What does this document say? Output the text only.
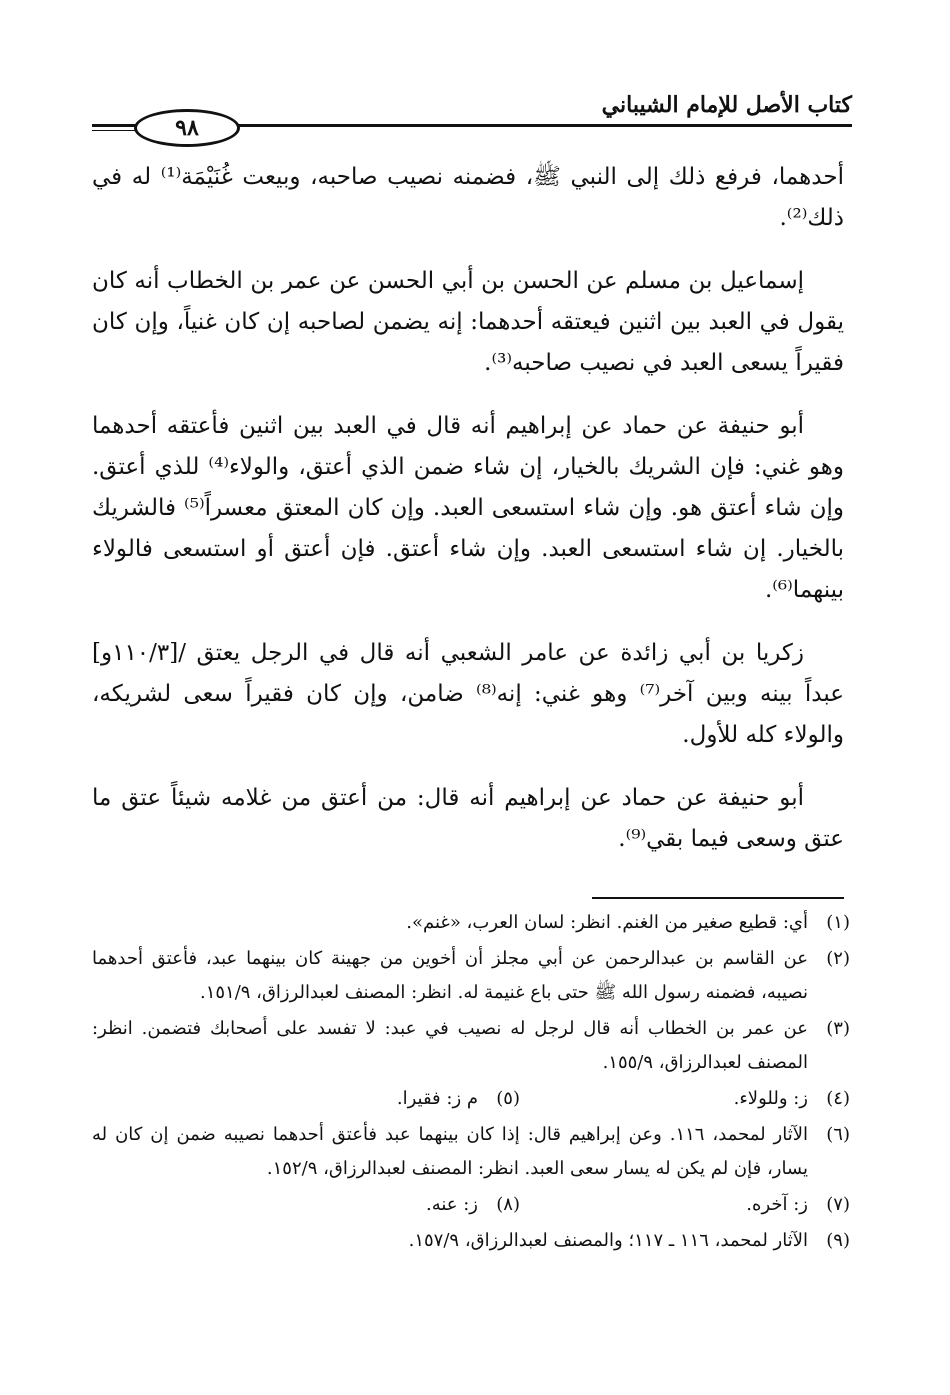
كتاب الأصل للإمام الشيباني
٩٨

أحدهما، فرفع ذلك إلى النبي ﷺ، فضمنه نصيب صاحبه، وبيعت غُنَيْمَة⁽¹⁾ له في ذلك⁽²⁾.

إسماعيل بن مسلم عن الحسن بن أبي الحسن عن عمر بن الخطاب أنه كان يقول في العبد بين اثنين فيعتقه أحدهما: إنه يضمن لصاحبه إن كان غنياً، وإن كان فقيراً يسعى العبد في نصيب صاحبه⁽³⁾.

أبو حنيفة عن حماد عن إبراهيم أنه قال في العبد بين اثنين فأعتقه أحدهما وهو غني: فإن الشريك بالخيار، إن شاء ضمن الذي أعتق، والولاء⁽⁴⁾ للذي أعتق. وإن شاء أعتق هو. وإن شاء استسعى العبد. وإن كان المعتق معسراً⁽⁵⁾ فالشريك بالخيار. إن شاء استسعى العبد. وإن شاء أعتق. فإن أعتق أو استسعى فالولاء بينهما⁽⁶⁾.

زكريا بن أبي زائدة عن عامر الشعبي أنه قال في الرجل يعتق /[١١٠/٣و] عبداً بينه وبين آخر⁽⁷⁾ وهو غني: إنه⁽⁸⁾ ضامن، وإن كان فقيراً سعى لشريكه، والولاء كله للأول.

أبو حنيفة عن حماد عن إبراهيم أنه قال: من أعتق من غلامه شيئاً عتق ما عتق وسعى فيما بقي⁽⁹⁾.

(١)
أي: قطيع صغير من الغنم. انظر: لسان العرب، «غنم».
(٢)
عن القاسم بن عبدالرحمن عن أبي مجلز أن أخوين من جهينة كان بينهما عبد، فأعتق أحدهما نصيبه، فضمنه رسول الله ﷺ حتى باع غنيمة له. انظر: المصنف لعبدالرزاق، ١٥١/٩.
(٣)
عن عمر بن الخطاب أنه قال لرجل له نصيب في عبد: لا تفسد على أصحابك فتضمن. انظر: المصنف لعبدالرزاق، ١٥٥/٩.
(٤)
ز: وللولاء.
(٥)
م ز: فقيرا.
(٦)
الآثار لمحمد، ١١٦. وعن إبراهيم قال: إذا كان بينهما عبد فأعتق أحدهما نصيبه ضمن إن كان له يسار، فإن لم يكن له يسار سعى العبد. انظر: المصنف لعبدالرزاق، ١٥٢/٩.
(٧)
ز: آخره.
(٨)
ز: عنه.
(٩)
الآثار لمحمد، ١١٦ ـ ١١٧؛ والمصنف لعبدالرزاق، ١٥٧/٩.
